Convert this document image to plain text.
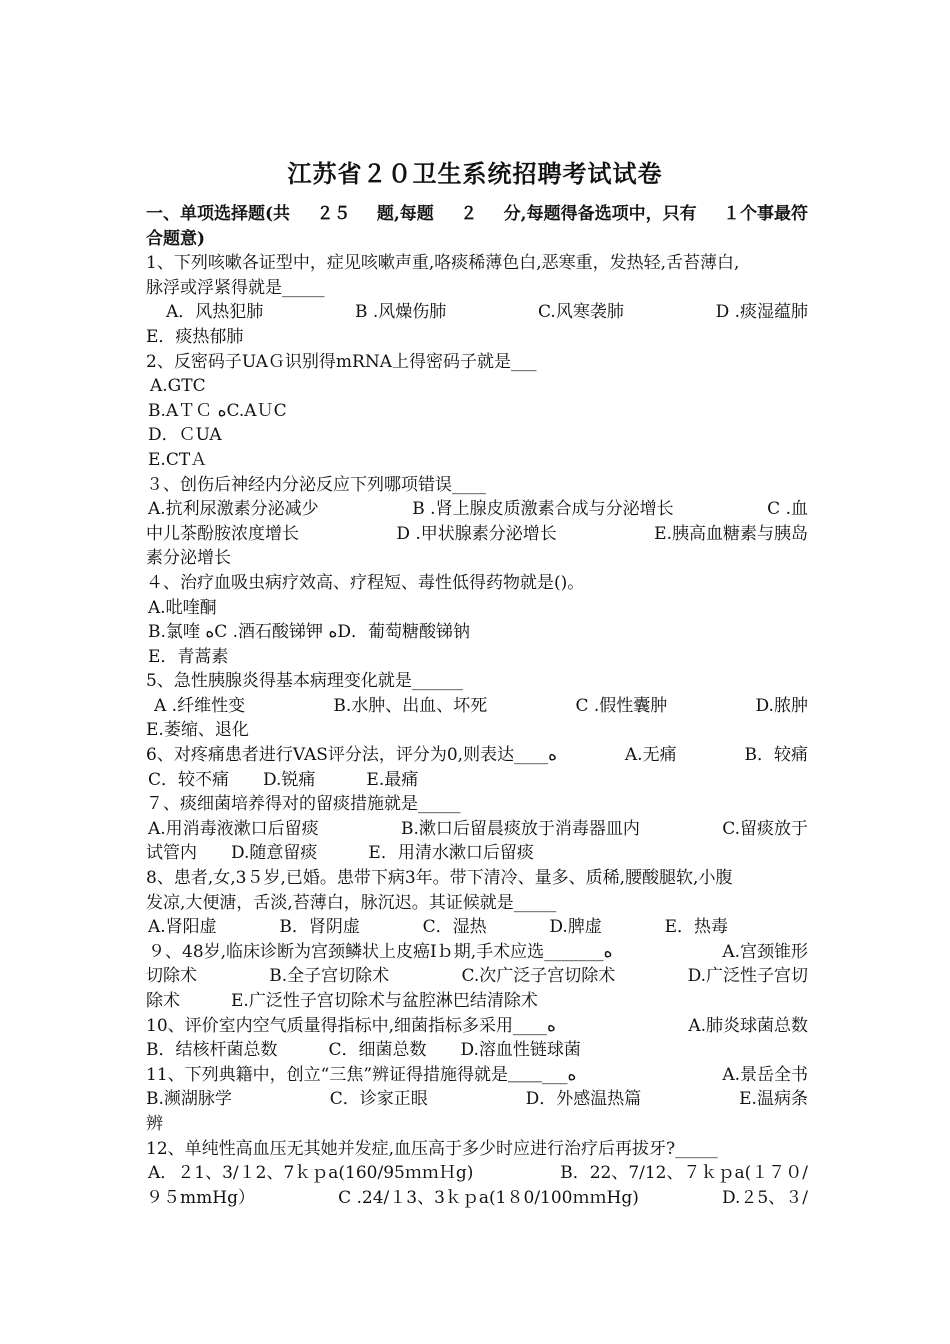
江苏省２０卫生系统招聘考试试卷
一、单项选择题(共 ２５ 题,每题 ２ 分,每题得备选项中，只有 １个事最符
合题意)
1、下列咳嗽各证型中，症见咳嗽声重,咯痰稀薄色白,恶寒重，发热轻,舌苔薄白,
脉浮或浮紧得就是_____
A．风热犯肺	B .风燥伤肺	C.风寒袭肺	D .痰湿蕴肺
E．痰热郁肺
2、反密码子UAＧ识别得mRNA上得密码子就是___
A.GTC
B.AＴＣ ﻩC.AＵC
D．ＣUA
E.CTＡ
３、创伤后神经内分泌反应下列哪项错误____
A.抗利尿激素分泌减少	B .肾上腺皮质激素合成与分泌增长	C .血
中儿茶酚胺浓度增长	D .甲状腺素分泌增长	E.胰高血糖素与胰岛
素分泌增长
４、治疗血吸虫病疗效高、疗程短、毒性低得药物就是()。
A.吡喹酮
B.氯喹 ﻩC .酒石酸锑钾 ﻩD．葡萄糖酸锑钠
E．青蒿素
5、急性胰腺炎得基本病理变化就是______
A .纤维性变	B.水肿、出血、坏死	C .假性囊肿	D.脓肿
E.萎缩、退化
6、对疼痛患者进行VAS评分法，评分为0,则表达____ﻩ	A.无痛	B．较痛
C．较不痛　　D.锐痛　　　E.最痛
７、痰细菌培养得对的留痰措施就是_____
A.用消毒液漱口后留痰	B.漱口后留晨痰放于消毒器皿内	C.留痰放于
试管内　　D.随意留痰　　　E．用清水漱口后留痰
8、患者,女,3５岁,已婚。患带下病3年。带下清冷、量多、质稀,腰酸腿软,小腹
发凉,大便溏，舌淡,苔薄白，脉沉迟。其证候就是_____
A.肾阳虚	B．肾阴虚	C．湿热	D.脾虚	E．热毒
９、48岁,临床诊断为宫颈鳞状上皮癌Ⅰｂ期,手术应选_______ﻩ	A.宫颈锥形
切除术	B.全子宫切除术	C.次广泛子宫切除术	D.广泛性子宫切
除术　　　E.广泛性子宫切除术与盆腔淋巴结清除术
10、评价室内空气质量得指标中,细菌指标多采用____ﻩ	A.肺炎球菌总数
B．结核杆菌总数　　　C．细菌总数　　D.溶血性链球菌
11、下列典籍中，创立“三焦”辨证得措施得就是＿＿___ﻩ	A.景岳全书
B.濒湖脉学	C．诊家正眼	D．外感温热篇	E.温病条
辨
12、单纯性高血压无其她并发症,血压高于多少时应进行治疗后再拔牙?_____
A．２1、3/１2、7ｋｐa(160/95ｍｍＨg)	B．22、7/12、７ｋｐa(１７０/
９５mmHg）	C .24/１3、3ｋｐa(1８0/100ｍｍHg)	D.２5、３/
